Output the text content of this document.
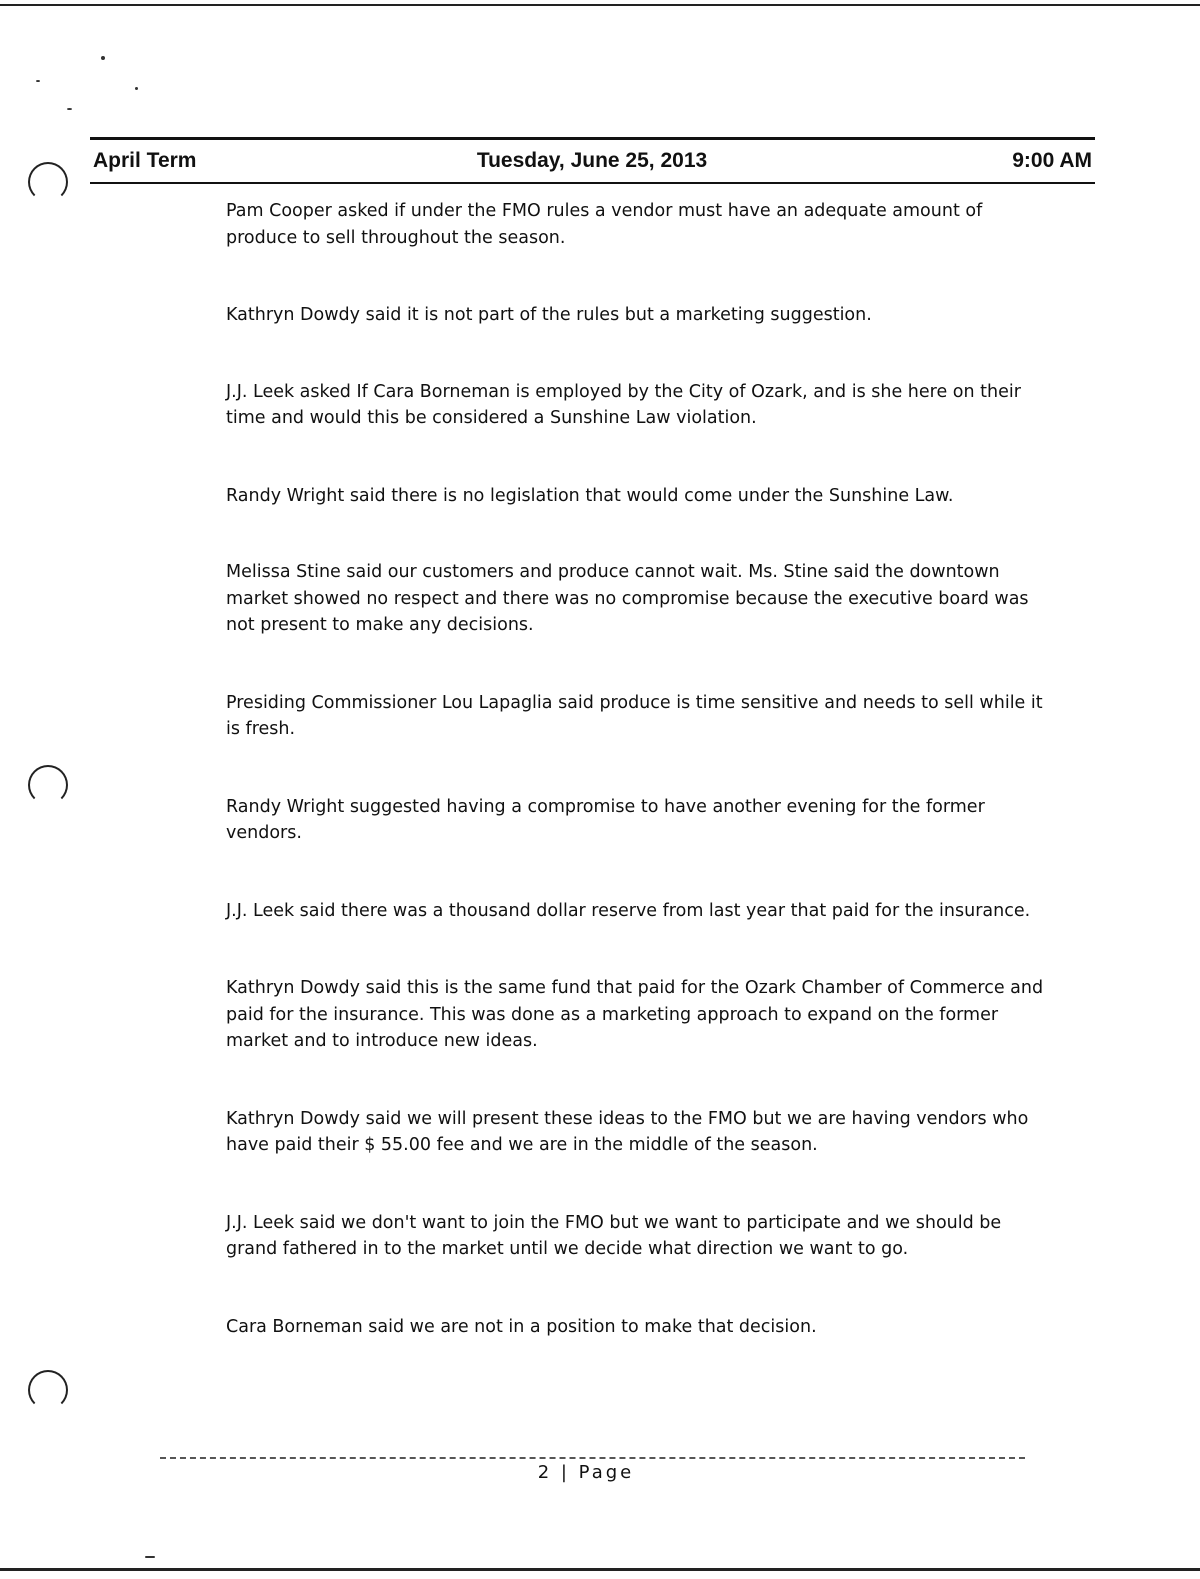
April Term	Tuesday, June 25, 2013	9:00 AM

Pam Cooper asked if under the FMO rules a vendor must have an adequate amount of produce to sell throughout the season.

Kathryn Dowdy said it is not part of the rules but a marketing suggestion.

J.J. Leek asked If Cara Borneman is employed by the City of Ozark, and is she here on their time and would this be considered a Sunshine Law violation.

Randy Wright said there is no legislation that would come under the Sunshine Law.

Melissa Stine said our customers and produce cannot wait. Ms. Stine said the downtown market showed no respect and there was no compromise because the executive board was not present to make any decisions.

Presiding Commissioner Lou Lapaglia said produce is time sensitive and needs to sell while it is fresh.

Randy Wright suggested having a compromise to have another evening for the former vendors.

J.J. Leek said there was a thousand dollar reserve from last year that paid for the insurance.

Kathryn Dowdy said this is the same fund that paid for the Ozark Chamber of Commerce and paid for the insurance. This was done as a marketing approach to expand on the former market and to introduce new ideas.

Kathryn Dowdy said we will present these ideas to the FMO but we are having vendors who have paid their $ 55.00 fee and we are in the middle of the season.

J.J. Leek said we don't want to join the FMO but we want to participate and we should be grand fathered in to the market until we decide what direction we want to go.

Cara Borneman said we are not in a position to make that decision.

2 | Page
